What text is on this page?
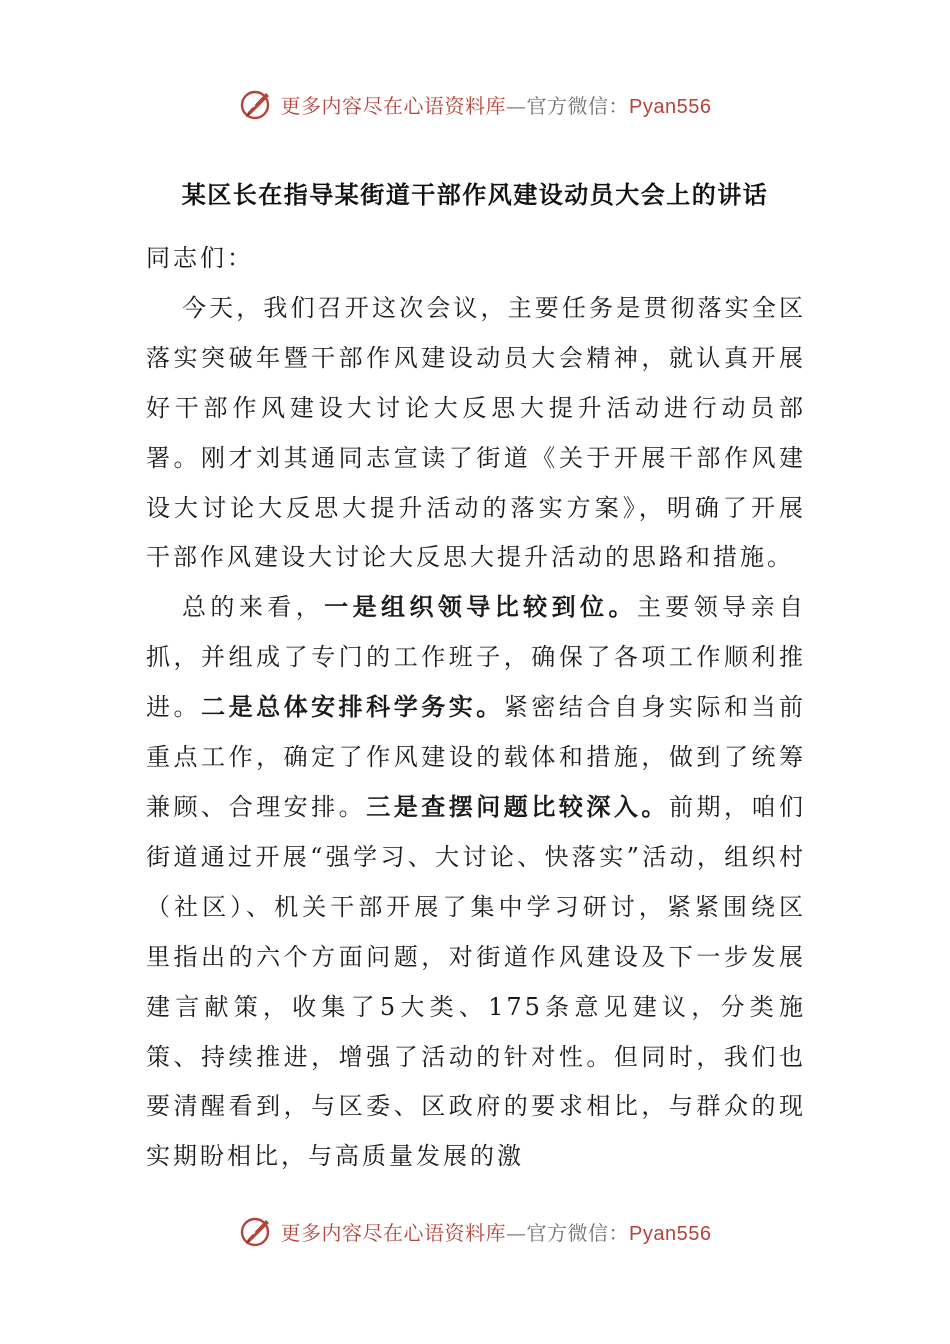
更多内容尽在心语资料库—官方微信：Pyan556
某区长在指导某街道干部作风建设动员大会上的讲话

同志们：

今天，我们召开这次会议，主要任务是贯彻落实全区落实突破年暨干部作风建设动员大会精神，就认真开展好干部作风建设大讨论大反思大提升活动进行动员部署。刚才刘其通同志宣读了街道《关于开展干部作风建设大讨论大反思大提升活动的落实方案》，明确了开展干部作风建设大讨论大反思大提升活动的思路和措施。

总的来看，一是组织领导比较到位。主要领导亲自抓，并组成了专门的工作班子，确保了各项工作顺利推进。二是总体安排科学务实。紧密结合自身实际和当前重点工作，确定了作风建设的载体和措施，做到了统筹兼顾、合理安排。三是查摆问题比较深入。前期，咱们街道通过开展“强学习、大讨论、快落实”活动，组织村（社区）、机关干部开展了集中学习研讨，紧紧围绕区里指出的六个方面问题，对街道作风建设及下一步发展建言献策，收集了5大类、175条意见建议，分类施策、持续推进，增强了活动的针对性。但同时，我们也要清醒看到，与区委、区政府的要求相比，与群众的现实期盼相比，与高质量发展的激

更多内容尽在心语资料库—官方微信：Pyan556
